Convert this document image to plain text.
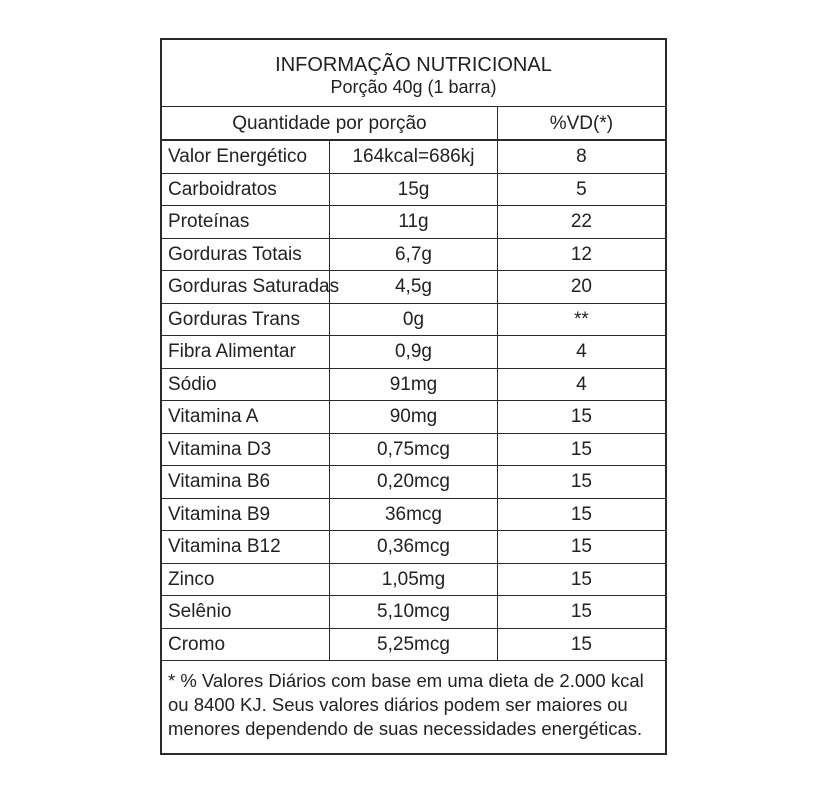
INFORMAÇÃO NUTRICIONAL
Porção 40g (1 barra)		

Quantidade por porção		%VD(*)

Valor Energético	164kcal=686kj	8
Carboidratos	15g	5
Proteínas	11g	22
Gorduras Totais	6,7g	12
Gorduras Saturadas	4,5g	20
Gorduras Trans	0g	**
Fibra Alimentar	0,9g	4
Sódio	91mg	4
Vitamina A	90mg	15
Vitamina D3	0,75mcg	15
Vitamina B6	0,20mcg	15
Vitamina B9	36mcg	15
Vitamina B12	0,36mcg	15
Zinco	1,05mg	15
Selênio	5,10mcg	15
Cromo	5,25mcg	15
* % Valores Diários com base em uma dieta de 2.000 kcal ou 8400 KJ. Seus valores diários podem ser maiores ou menores dependendo de suas necessidades energéticas.		
